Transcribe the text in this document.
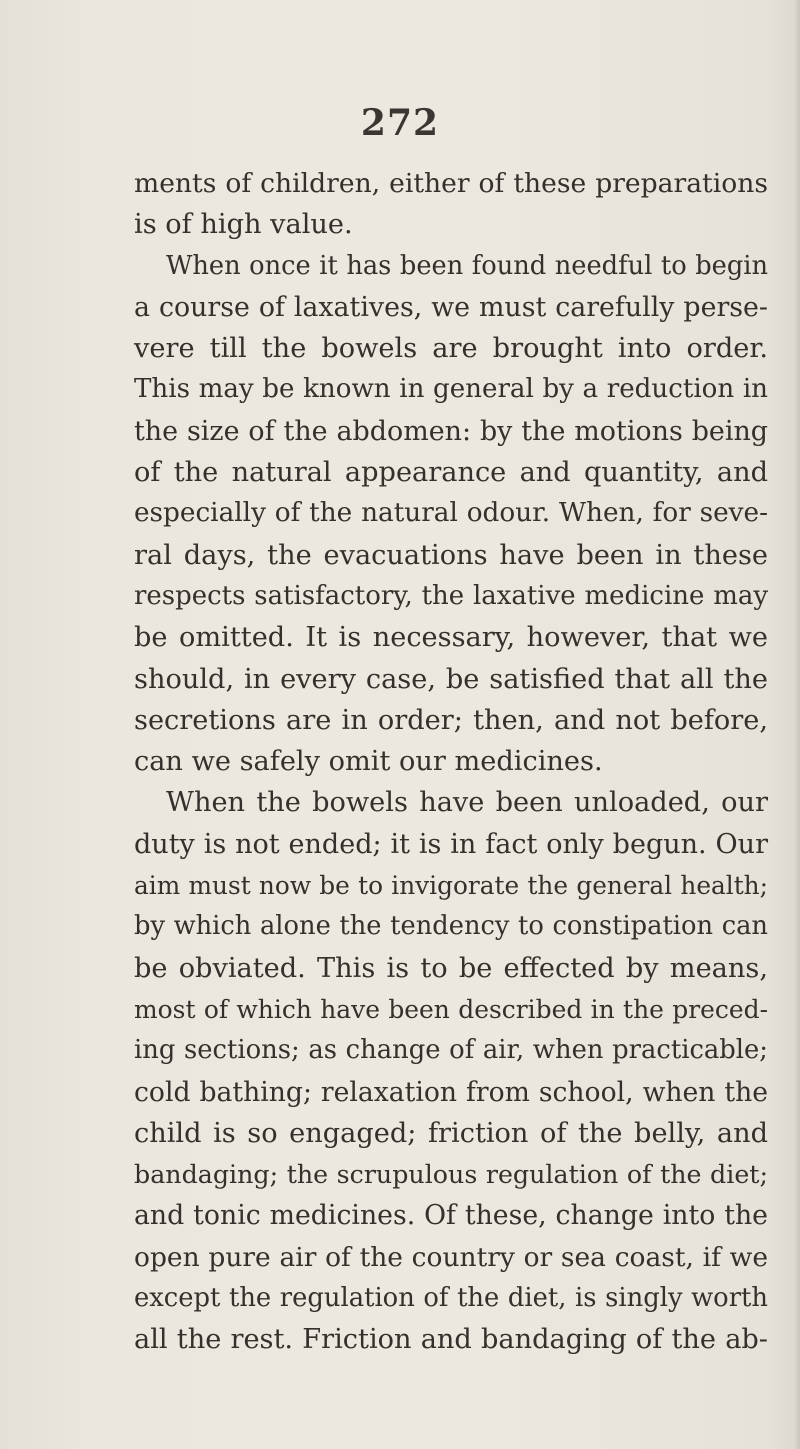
272
ments of children, either of these preparations
is of high value.
When once it has been found needful to begin
a course of laxatives, we must carefully perse-
vere till the bowels are brought into order.
This may be known in general by a reduction in
the size of the abdomen: by the motions being
of the natural appearance and quantity, and
especially of the natural odour. When, for seve-
ral days, the evacuations have been in these
respects satisfactory, the laxative medicine may
be omitted. It is necessary, however, that we
should, in every case, be satisfied that all the
secretions are in order; then, and not before,
can we safely omit our medicines.
When the bowels have been unloaded, our
duty is not ended; it is in fact only begun. Our
aim must now be to invigorate the general health;
by which alone the tendency to constipation can
be obviated. This is to be effected by means,
most of which have been described in the preced-
ing sections; as change of air, when practicable;
cold bathing; relaxation from school, when the
child is so engaged; friction of the belly, and
bandaging; the scrupulous regulation of the diet;
and tonic medicines. Of these, change into the
open pure air of the country or sea coast, if we
except the regulation of the diet, is singly worth
all the rest. Friction and bandaging of the ab-
